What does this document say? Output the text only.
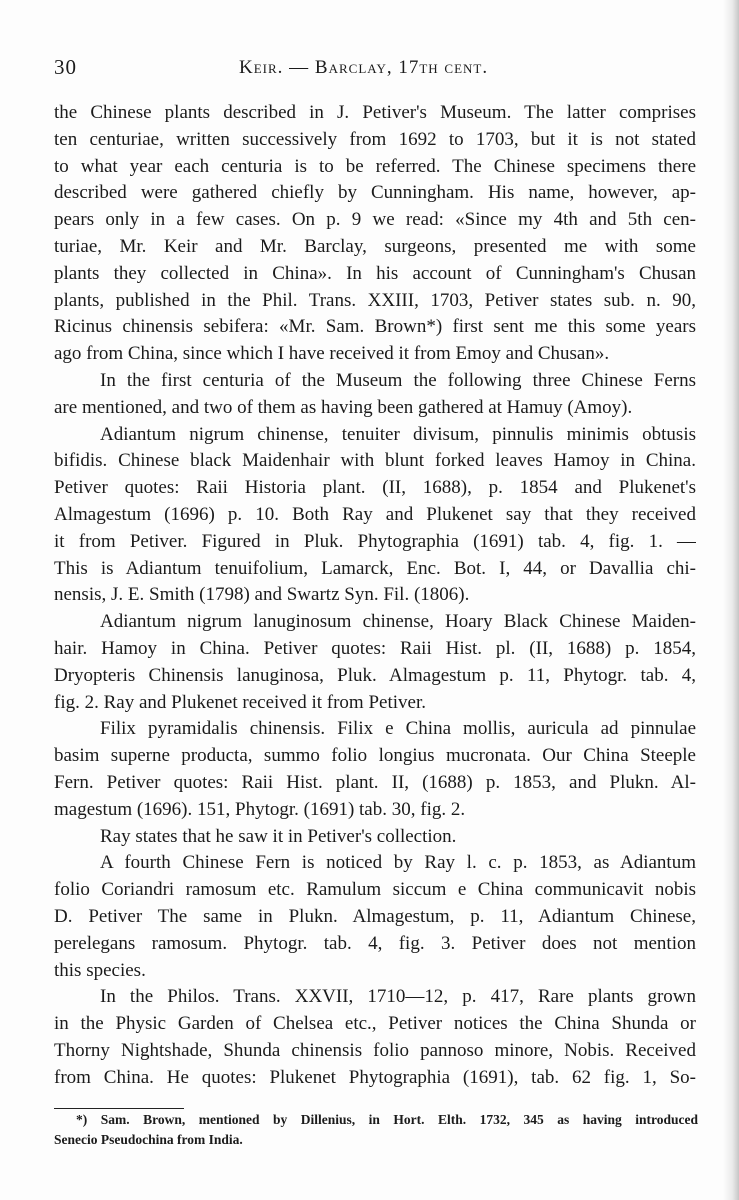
30	Keir. — Barclay, 17th cent.
the Chinese plants described in J. Petiver's Museum. The latter comprises
ten centuriae, written successively from 1692 to 1703, but it is not stated
to what year each centuria is to be referred. The Chinese specimens there
described were gathered chiefly by Cunningham. His name, however, ap-
pears only in a few cases. On p. 9 we read: «Since my 4th and 5th cen-
turiae, Mr. Keir and Mr. Barclay, surgeons, presented me with some
plants they collected in China». In his account of Cunningham's Chusan
plants, published in the Phil. Trans. XXIII, 1703, Petiver states sub. n. 90,
Ricinus chinensis sebifera: «Mr. Sam. Brown*) first sent me this some years
ago from China, since which I have received it from Emoy and Chusan».
In the first centuria of the Museum the following three Chinese Ferns
are mentioned, and two of them as having been gathered at Hamuy (Amoy).
Adiantum nigrum chinense, tenuiter divisum, pinnulis minimis obtusis
bifidis. Chinese black Maidenhair with blunt forked leaves Hamoy in China.
Petiver quotes: Raii Historia plant. (II, 1688), p. 1854 and Plukenet's
Almagestum (1696) p. 10. Both Ray and Plukenet say that they received
it from Petiver. Figured in Pluk. Phytographia (1691) tab. 4, fig. 1. —
This is Adiantum tenuifolium, Lamarck, Enc. Bot. I, 44, or Davallia chi-
nensis, J. E. Smith (1798) and Swartz Syn. Fil. (1806).
Adiantum nigrum lanuginosum chinense, Hoary Black Chinese Maiden-
hair. Hamoy in China. Petiver quotes: Raii Hist. pl. (II, 1688) p. 1854,
Dryopteris Chinensis lanuginosa, Pluk. Almagestum p. 11, Phytogr. tab. 4,
fig. 2. Ray and Plukenet received it from Petiver.
Filix pyramidalis chinensis. Filix e China mollis, auricula ad pinnulae
basim superne producta, summo folio longius mucronata. Our China Steeple
Fern. Petiver quotes: Raii Hist. plant. II, (1688) p. 1853, and Plukn. Al-
magestum (1696). 151, Phytogr. (1691) tab. 30, fig. 2.
Ray states that he saw it in Petiver's collection.
A fourth Chinese Fern is noticed by Ray l. c. p. 1853, as Adiantum
folio Coriandri ramosum etc. Ramulum siccum e China communicavit nobis
D. Petiver The same in Plukn. Almagestum, p. 11, Adiantum Chinese,
perelegans ramosum. Phytogr. tab. 4, fig. 3. Petiver does not mention
this species.
In the Philos. Trans. XXVII, 1710—12, p. 417, Rare plants grown
in the Physic Garden of Chelsea etc., Petiver notices the China Shunda or
Thorny Nightshade, Shunda chinensis folio pannoso minore, Nobis. Received
from China. He quotes: Plukenet Phytographia (1691), tab. 62 fig. 1, So-
*) Sam. Brown, mentioned by Dillenius, in Hort. Elth. 1732, 345 as having introduced
Senecio Pseudochina from India.
